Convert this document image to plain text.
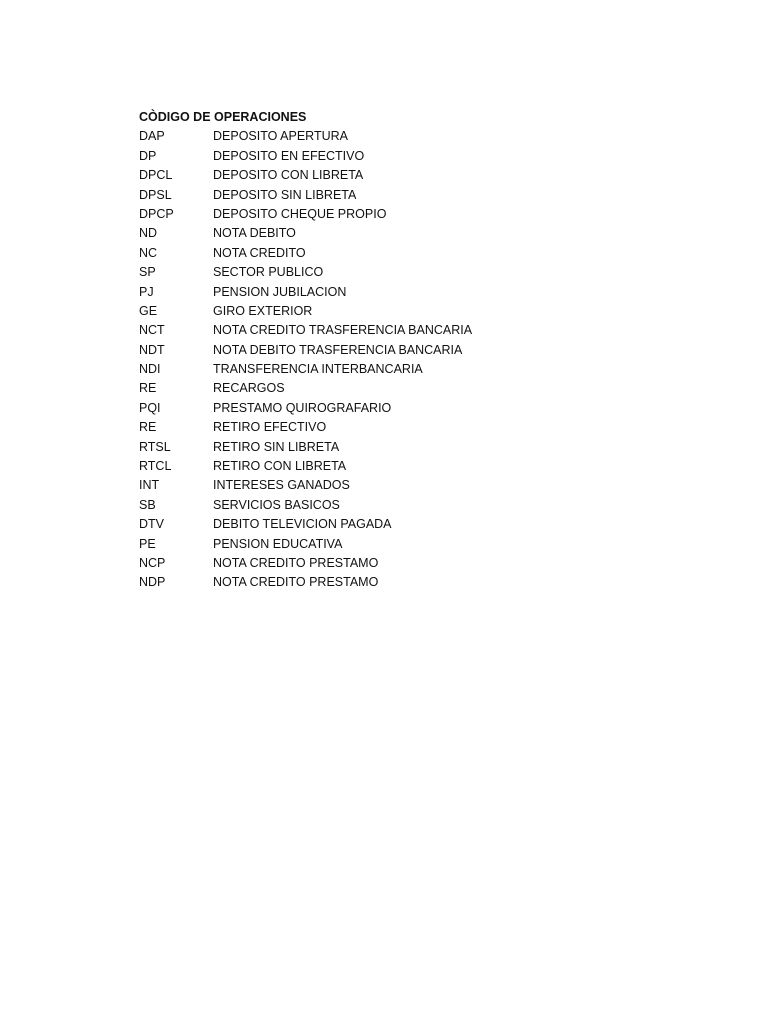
CÒDIGO DE OPERACIONES
DAP	DEPOSITO APERTURA
DP	DEPOSITO EN EFECTIVO
DPCL	DEPOSITO CON LIBRETA
DPSL	DEPOSITO SIN LIBRETA
DPCP	DEPOSITO CHEQUE PROPIO
ND	NOTA DEBITO
NC	NOTA CREDITO
SP	SECTOR PUBLICO
PJ	PENSION JUBILACION
GE	GIRO EXTERIOR
NCT	NOTA CREDITO TRASFERENCIA BANCARIA
NDT	NOTA DEBITO TRASFERENCIA BANCARIA
NDI	TRANSFERENCIA INTERBANCARIA
RE	RECARGOS
PQI	PRESTAMO QUIROGRAFARIO
RE	RETIRO EFECTIVO
RTSL	RETIRO SIN LIBRETA
RTCL	RETIRO CON LIBRETA
INT	INTERESES GANADOS
SB	SERVICIOS BASICOS
DTV	DEBITO TELEVICION PAGADA
PE	PENSION EDUCATIVA
NCP	NOTA CREDITO PRESTAMO
NDP	NOTA CREDITO PRESTAMO
